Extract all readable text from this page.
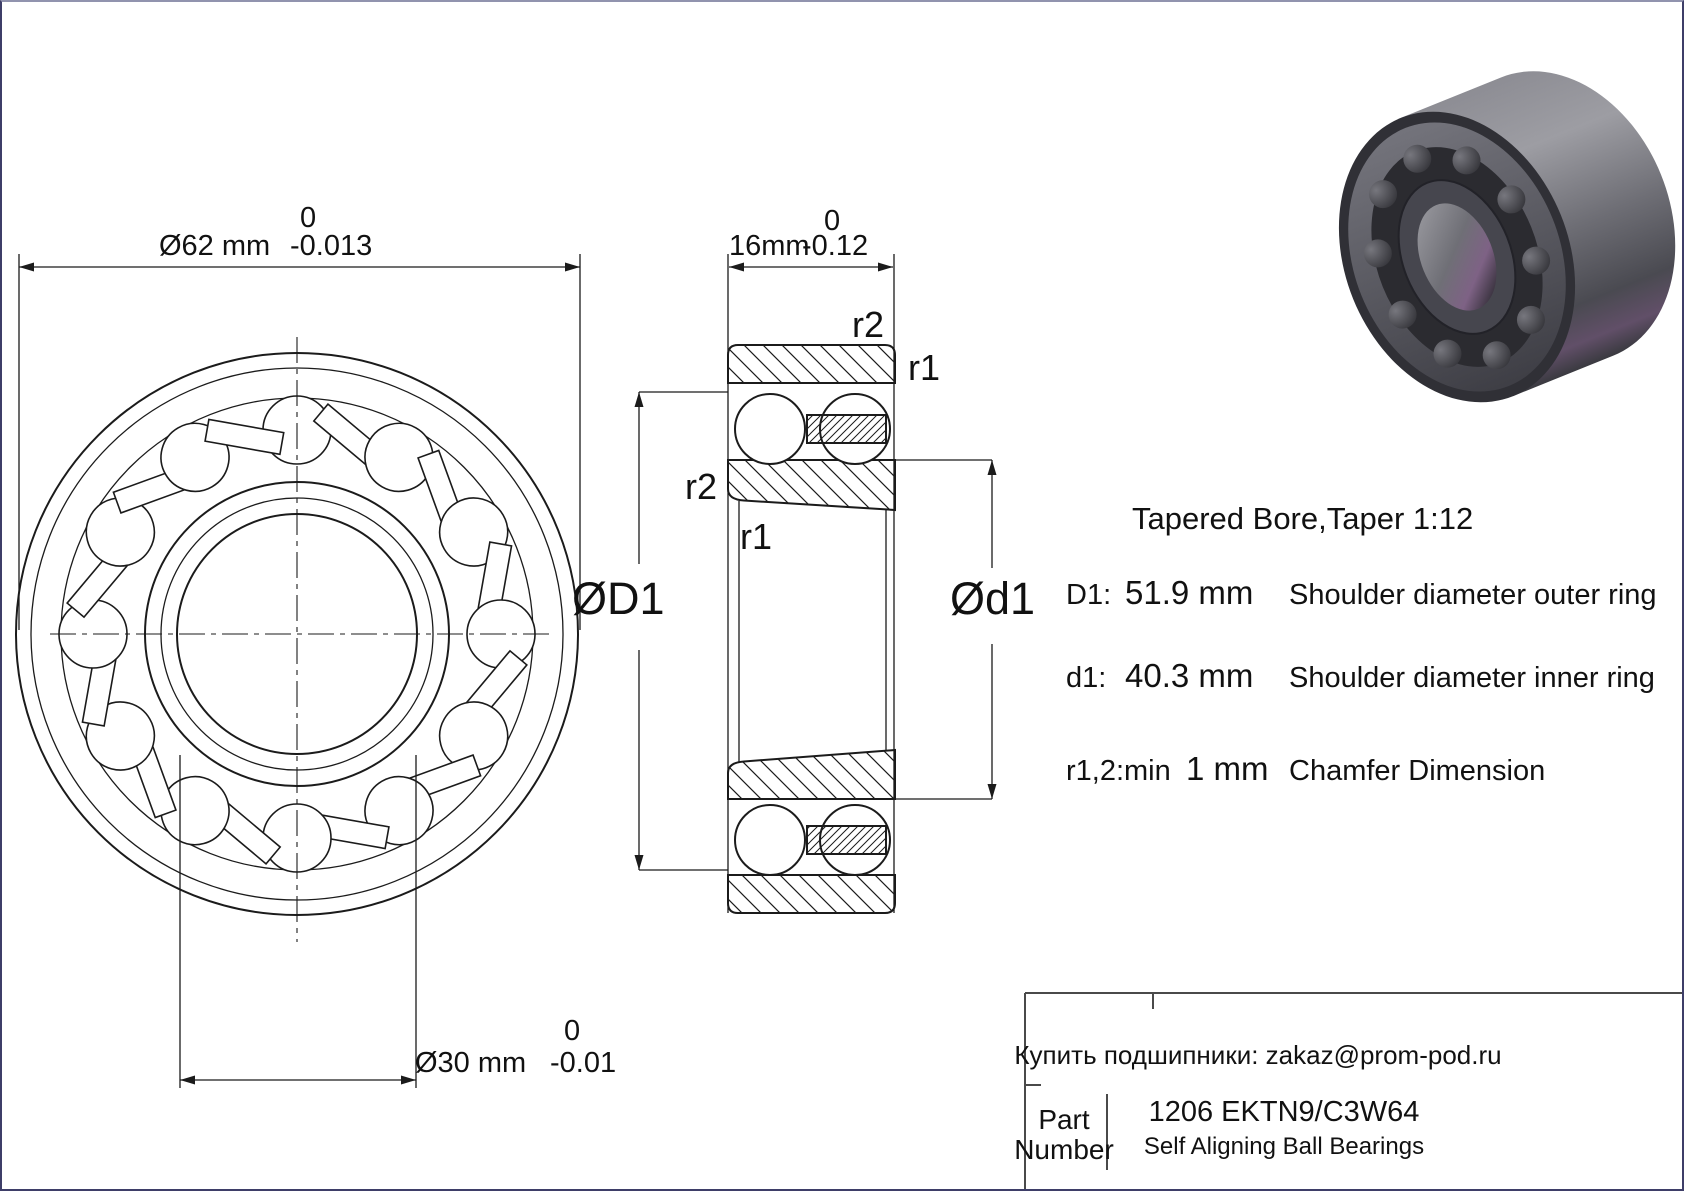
Ø62 mm
0
-0.013
Ø30 mm
0
-0.01
16mm
0
-0.12
r2
r1
r2
r1
ØD1	Ød1
Tapered Bore,Taper 1:12
D1: 51.9 mm Shoulder diameter outer ring
d1: 40.3 mm Shoulder diameter inner ring
r1,2:min 1 mm Chamfer Dimension
Купить подшипники: zakaz@prom-pod.ru
Part
Number
1206 EKTN9/C3W64
Self Aligning Ball Bearings
